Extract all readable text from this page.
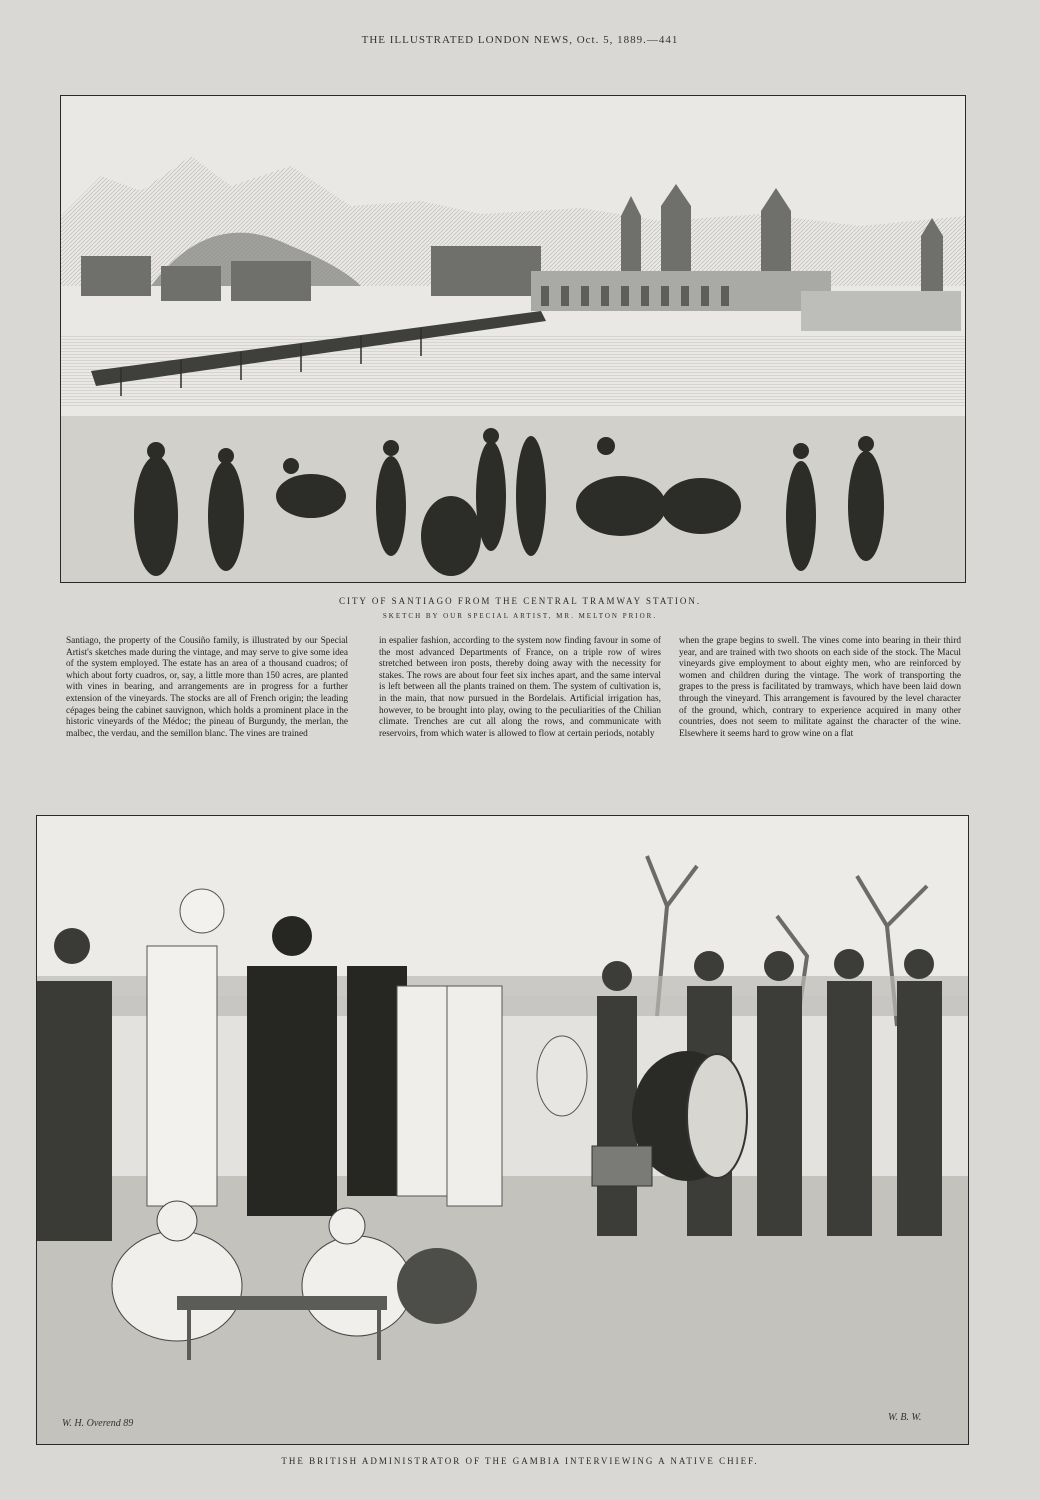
THE ILLUSTRATED LONDON NEWS, Oct. 5, 1889.—441
CITY OF SANTIAGO FROM THE CENTRAL TRAMWAY STATION.
SKETCH BY OUR SPECIAL ARTIST, MR. MELTON PRIOR.
Santiago, the property of the Cousiño family, is illustrated by our Special Artist's sketches made during the vintage, and may serve to give some idea of the system employed. The estate has an area of a thousand cuadros; of which about forty cuadros, or, say, a little more than 150 acres, are planted with vines in bearing, and arrangements are in progress for a further extension of the vineyards. The stocks are all of French origin; the leading cépages being the cabinet sauvignon, which holds a prominent place in the historic vineyards of the Médoc; the pineau of Burgundy, the merlan, the malbec, the verdau, and the semillon blanc. The vines are trained
in espalier fashion, according to the system now finding favour in some of the most advanced Departments of France, on a triple row of wires stretched between iron posts, thereby doing away with the necessity for stakes. The rows are about four feet six inches apart, and the same interval is left between all the plants trained on them. The system of cultivation is, in the main, that now pursued in the Bordelais. Artificial irrigation has, however, to be brought into play, owing to the peculiarities of the Chilian climate. Trenches are cut all along the rows, and communicate with reservoirs, from which water is allowed to flow at certain periods, notably
when the grape begins to swell. The vines come into bearing in their third year, and are trained with two shoots on each side of the stock. The Macul vineyards give employment to about eighty men, who are reinforced by women and children during the vintage. The work of transporting the grapes to the press is facilitated by tramways, which have been laid down through the vineyard. This arrangement is favoured by the level character of the ground, which, contrary to experience acquired in many other countries, does not seem to militate against the character of the wine. Elsewhere it seems hard to grow wine on a flat
W. H. Overend 89
W. B. W.
THE BRITISH ADMINISTRATOR OF THE GAMBIA INTERVIEWING A NATIVE CHIEF.
